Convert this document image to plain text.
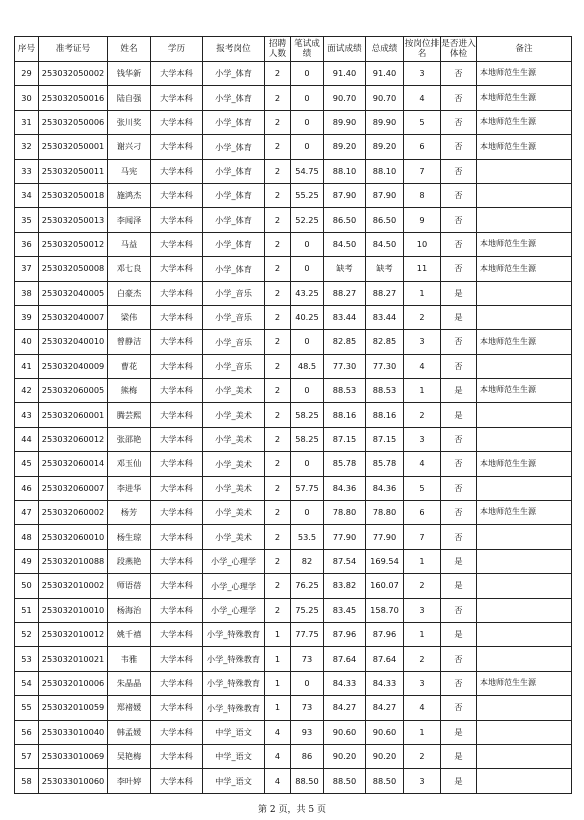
序号	准考证号	姓名	学历	报考岗位	招聘人数	笔试成绩	面试成绩	总成绩	按岗位排名	是否进入体检	备注
29	253032050002	钱华新	大学本科	小学_体育	2	0	91.40	91.40	3	否	本地师范生生源
30	253032050016	陆自强	大学本科	小学_体育	2	0	90.70	90.70	4	否	本地师范生生源
31	253032050006	张川奖	大学本科	小学_体育	2	0	89.90	89.90	5	否	本地师范生生源
32	253032050001	谢兴刁	大学本科	小学_体育	2	0	89.20	89.20	6	否	本地师范生生源
33	253032050011	马宪	大学本科	小学_体育	2	54.75	88.10	88.10	7	否	
34	253032050018	施鸿杰	大学本科	小学_体育	2	55.25	87.90	87.90	8	否	
35	253032050013	李闻泽	大学本科	小学_体育	2	52.25	86.50	86.50	9	否	
36	253032050012	马益	大学本科	小学_体育	2	0	84.50	84.50	10	否	本地师范生生源
37	253032050008	邓七良	大学本科	小学_体育	2	0	缺考	缺考	11	否	本地师范生生源
38	253032040005	白豪杰	大学本科	小学_音乐	2	43.25	88.27	88.27	1	是	
39	253032040007	梁伟	大学本科	小学_音乐	2	40.25	83.44	83.44	2	是	
40	253032040010	曾静洁	大学本科	小学_音乐	2	0	82.85	82.85	3	否	本地师范生生源
41	253032040009	曹花	大学本科	小学_音乐	2	48.5	77.30	77.30	4	否	
42	253032060005	熊梅	大学本科	小学_美术	2	0	88.53	88.53	1	是	本地师范生生源
43	253032060001	腾芸熙	大学本科	小学_美术	2	58.25	88.16	88.16	2	是	
44	253032060012	张邵艳	大学本科	小学_美术	2	58.25	87.15	87.15	3	否	
45	253032060014	邓玉仙	大学本科	小学_美术	2	0	85.78	85.78	4	否	本地师范生生源
46	253032060007	李进华	大学本科	小学_美术	2	57.75	84.36	84.36	5	否	
47	253032060002	杨芳	大学本科	小学_美术	2	0	78.80	78.80	6	否	本地师范生生源
48	253032060010	杨生琼	大学本科	小学_美术	2	53.5	77.90	77.90	7	否	
49	253032010088	段燕艳	大学本科	小学_心理学	2	82	87.54	169.54	1	是	
50	253032010002	师语蓓	大学本科	小学_心理学	2	76.25	83.82	160.07	2	是	
51	253032010010	杨海治	大学本科	小学_心理学	2	75.25	83.45	158.70	3	否	
52	253032010012	姚千禧	大学本科	小学_特殊教育	1	77.75	87.96	87.96	1	是	
53	253032010021	韦雅	大学本科	小学_特殊教育	1	73	87.64	87.64	2	否	
54	253032010006	朱晶晶	大学本科	小学_特殊教育	1	0	84.33	84.33	3	否	本地师范生生源
55	253032010059	郑褚媛	大学本科	小学_特殊教育	1	73	84.27	84.27	4	否	
56	253033010040	韩孟媛	大学本科	中学_语文	4	93	90.60	90.60	1	是	
57	253033010069	吴艳梅	大学本科	中学_语文	4	86	90.20	90.20	2	是	
58	253033010060	李叶婷	大学本科	中学_语文	4	88.50	88.50	88.50	3	是	
第 2 页，共 5 页
